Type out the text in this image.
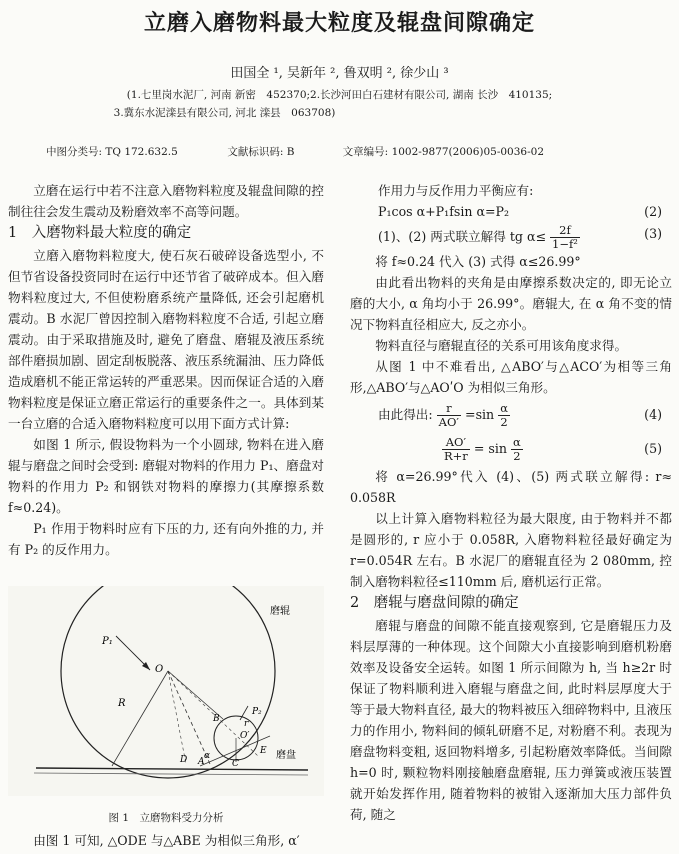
立磨入磨物料最大粒度及辊盘间隙确定
田国全 ¹, 吴新年 ², 鲁双明 ², 徐少山 ³
(1.七里岗水泥厂, 河南 新密　452370;2.长沙河田白石建材有限公司, 湖南 长沙　410135;
3.冀东水泥滦县有限公司, 河北 滦县　063708)
中图分类号: TQ 172.632.5	文献标识码: B	文章编号: 1002-9877(2006)05-0036-02

立磨在运行中若不注意入磨物料粒度及辊盘间隙的控制往往会发生震动及粉磨效率不高等问题。

1　入磨物料最大粒度的确定

立磨入磨物料粒度大, 使石灰石破碎设备选型小, 不但节省设备投资同时在运行中还节省了破碎成本。但入磨物料粒度过大, 不但使粉磨系统产量降低, 还会引起磨机震动。B 水泥厂曾因控制入磨物料粒度不合适, 引起立磨震动。由于采取措施及时, 避免了磨盘、磨辊及液压系统部件磨损加剧、固定刮板脱落、液压系统漏油、压力降低造成磨机不能正常运转的严重恶果。因而保证合适的入磨物料粒度是保证立磨正常运行的重要条件之一。具体到某一台立磨的合适入磨物料粒度可以用下面方式计算:

如图 1 所示, 假设物料为一个小圆球, 物料在进入磨辊与磨盘之间时会受到: 磨辊对物料的作用力 P₁、磨盘对物料的作用力 P₂ 和钢铁对物料的摩擦力(其摩擦系数 f≈0.24)。

P₁ 作用于物料时应有下压的力, 还有向外推的力, 并有 P₂ 的反作用力。

磨辊
磨盘
P₁
O
R
B
O′
r
α
D A	C
E
P₂
图 1　立磨物料受力分析

由图 1 可知, △ODE 与△ABE 为相似三角形, α′

作用力与反作用力平衡应有:

P₁cos α+P₁fsin α=P₂	(2)
(1)、(2) 两式联立解得 tg $\alpha\le \frac{2f}{\text{1−f²}}$	(3)

将 f≈0.24 代入 (3) 式得 α≤26.99°

由此看出物料的夹角是由摩擦系数决定的, 即无论立磨的大小, α 角均小于 26.99°。磨辊大, 在 α 角不变的情况下物料直径相应大, 反之亦小。

物料直径与磨辊直径的关系可用该角度求得。

从图 1 中不难看出, △ABO′与△ACO′为相等三角形,△ABO′与△AOʹO 为相似三角形。

由此得出: $\frac{r}{AO'} =\sin \frac{\alpha}{2}$	(4)
$\frac{AO'}{R+r} = \sin \frac{\alpha}{2}$	(5)

将 α=26.99°代入 (4)、(5) 两式联立解得: r≈ 0.058R

以上计算入磨物料粒径为最大限度, 由于物料并不都是圆形的, r 应小于 0.058R, 入磨物料粒径最好确定为 r=0.054R 左右。B 水泥厂的磨辊直径为 2 080mm, 控制入磨物料粒径≤110mm 后, 磨机运行正常。

2　磨辊与磨盘间隙的确定

磨辊与磨盘的间隙不能直接观察到, 它是磨辊压力及料层厚薄的一种体现。这个间隙大小直接影响到磨机粉磨效率及设备安全运转。如图 1 所示间隙为 h, 当 h≥2r 时保证了物料顺利进入磨辊与磨盘之间, 此时料层厚度大于等于最大物料直径, 最大的物料被压入细碎物料中, 且液压力的作用小, 物料间的倾轧研磨不足, 对粉磨不利。表现为磨盘物料变粗, 返回物料增多, 引起粉磨效率降低。当间隙 h=0 时, 颗粒物料刚接触磨盘磨辊, 压力弹簧或液压装置就开始发挥作用, 随着物料的被钳入逐渐加大压力部件负荷, 随之
